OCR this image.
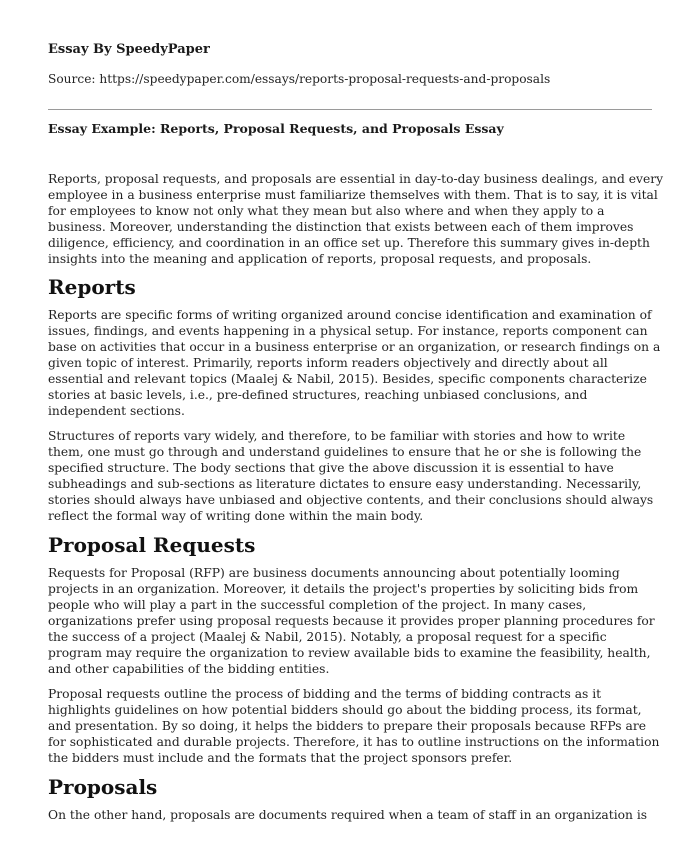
Essay By SpeedyPaper
Source: https://speedypaper.com/essays/reports-proposal-requests-and-proposals
Essay Example: Reports, Proposal Requests, and Proposals Essay

Reports, proposal requests, and proposals are essential in day-to-day business dealings, and every employee in a business enterprise must familiarize themselves with them. That is to say, it is vital for employees to know not only what they mean but also where and when they apply to a business. Moreover, understanding the distinction that exists between each of them improves diligence, efficiency, and coordination in an office set up. Therefore this summary gives in-depth insights into the meaning and application of reports, proposal requests, and proposals.

Reports

Reports are specific forms of writing organized around concise identification and examination of issues, findings, and events happening in a physical setup. For instance, reports component can base on activities that occur in a business enterprise or an organization, or research findings on a given topic of interest. Primarily, reports inform readers objectively and directly about all essential and relevant topics (Maalej & Nabil, 2015). Besides, specific components characterize stories at basic levels, i.e., pre-defined structures, reaching unbiased conclusions, and independent sections.

Structures of reports vary widely, and therefore, to be familiar with stories and how to write them, one must go through and understand guidelines to ensure that he or she is following the specified structure. The body sections that give the above discussion it is essential to have subheadings and sub-sections as literature dictates to ensure easy understanding. Necessarily, stories should always have unbiased and objective contents, and their conclusions should always reflect the formal way of writing done within the main body.

Proposal Requests

Requests for Proposal (RFP) are business documents announcing about potentially looming projects in an organization. Moreover, it details the project's properties by soliciting bids from people who will play a part in the successful completion of the project. In many cases, organizations prefer using proposal requests because it provides proper planning procedures for the success of a project (Maalej & Nabil, 2015). Notably, a proposal request for a specific program may require the organization to review available bids to examine the feasibility, health, and other capabilities of the bidding entities.

Proposal requests outline the process of bidding and the terms of bidding contracts as it highlights guidelines on how potential bidders should go about the bidding process, its format, and presentation. By so doing, it helps the bidders to prepare their proposals because RFPs are for sophisticated and durable projects. Therefore, it has to outline instructions on the information the bidders must include and the formats that the project sponsors prefer.

Proposals

On the other hand, proposals are documents required when a team of staff in an organization is
